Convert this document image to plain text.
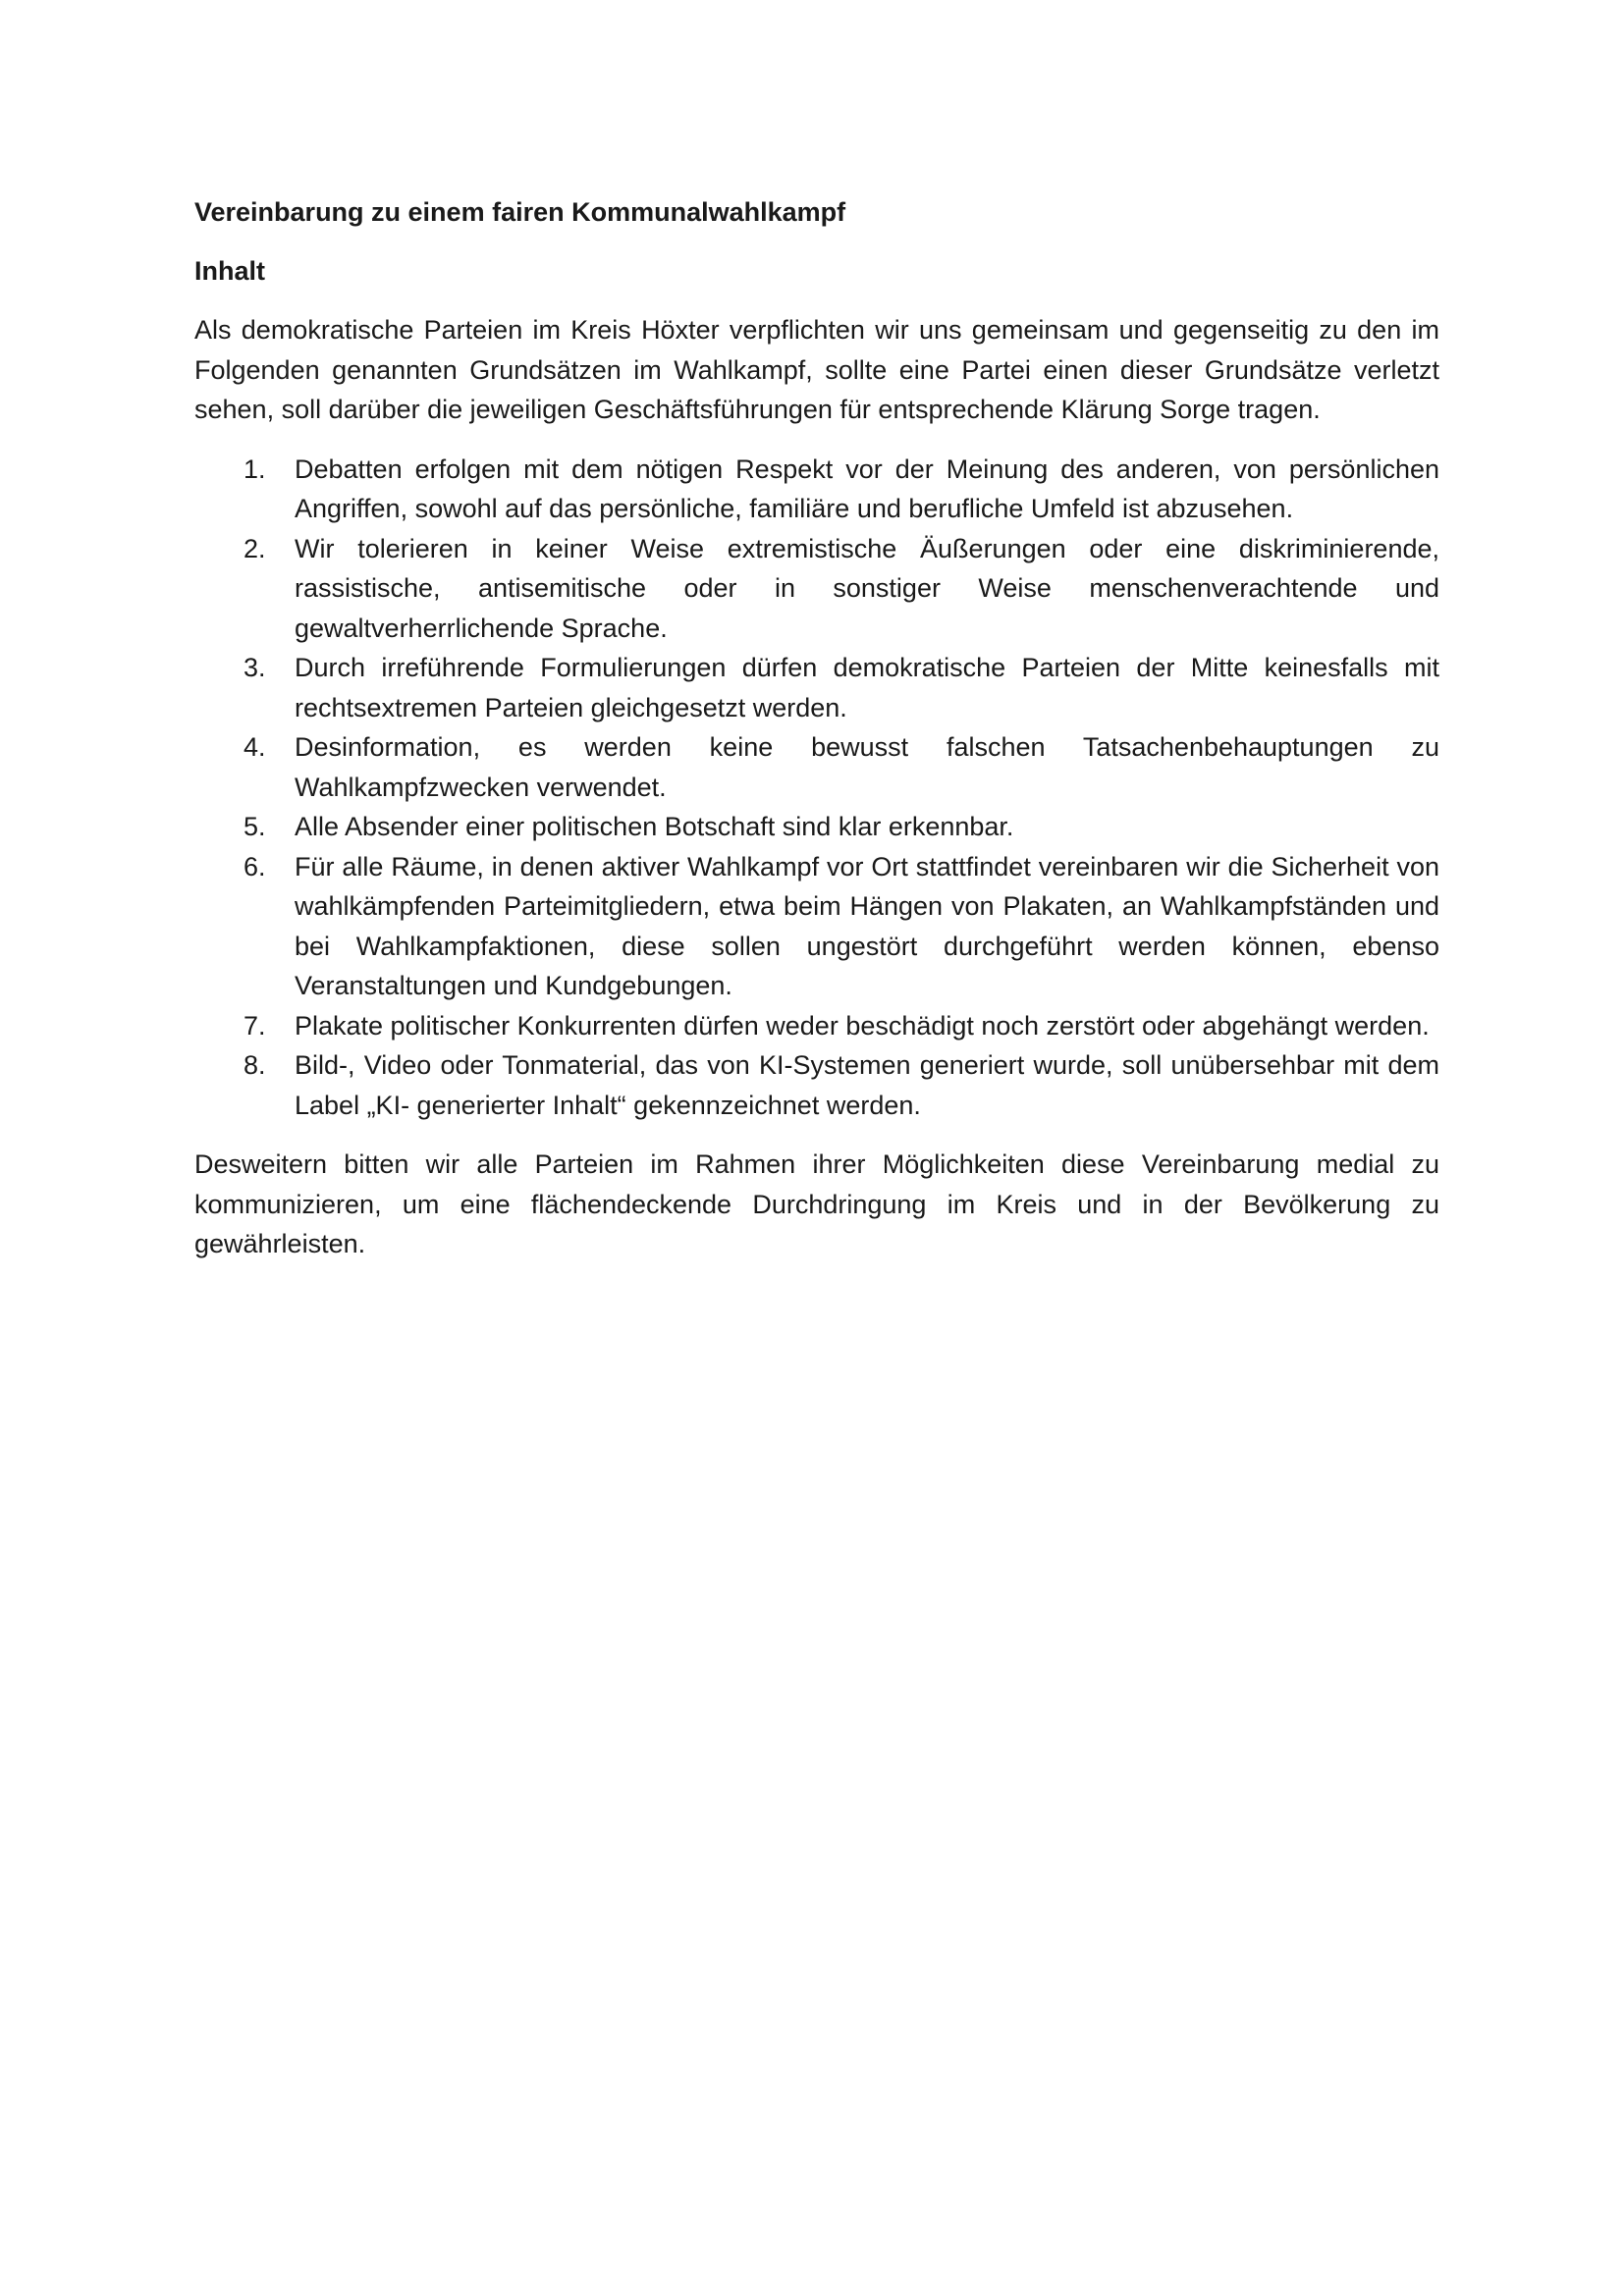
Vereinbarung zu einem fairen Kommunalwahlkampf
Inhalt

Als demokratische Parteien im Kreis Höxter verpflichten wir uns gemeinsam und gegenseitig zu den im Folgenden genannten Grundsätzen im Wahlkampf, sollte eine Partei einen dieser Grundsätze verletzt sehen, soll darüber die jeweiligen Geschäftsführungen für entsprechende Klärung Sorge tragen.

1. Debatten erfolgen mit dem nötigen Respekt vor der Meinung des anderen, von persönlichen Angriffen, sowohl auf das persönliche, familiäre und berufliche Umfeld ist abzusehen.
2. Wir tolerieren in keiner Weise extremistische Äußerungen oder eine diskriminierende, rassistische, antisemitische oder in sonstiger Weise menschenverachtende und gewaltverherrlichende Sprache.
3. Durch irreführende Formulierungen dürfen demokratische Parteien der Mitte keinesfalls mit rechtsextremen Parteien gleichgesetzt werden.
4. Desinformation, es werden keine bewusst falschen Tatsachenbehauptungen zu Wahlkampfzwecken verwendet.
5. Alle Absender einer politischen Botschaft sind klar erkennbar.
6. Für alle Räume, in denen aktiver Wahlkampf vor Ort stattfindet vereinbaren wir die Sicherheit von wahlkämpfenden Parteimitgliedern, etwa beim Hängen von Plakaten, an Wahlkampfständen und bei Wahlkampfaktionen, diese sollen ungestört durchgeführt werden können, ebenso Veranstaltungen und Kundgebungen.
7. Plakate politischer Konkurrenten dürfen weder beschädigt noch zerstört oder abgehängt werden.
8. Bild-, Video oder Tonmaterial, das von KI-Systemen generiert wurde, soll unübersehbar mit dem Label „KI- generierter Inhalt“ gekennzeichnet werden.

Desweitern bitten wir alle Parteien im Rahmen ihrer Möglichkeiten diese Vereinbarung medial zu kommunizieren, um eine flächendeckende Durchdringung im Kreis und in der Bevölkerung zu gewährleisten.
